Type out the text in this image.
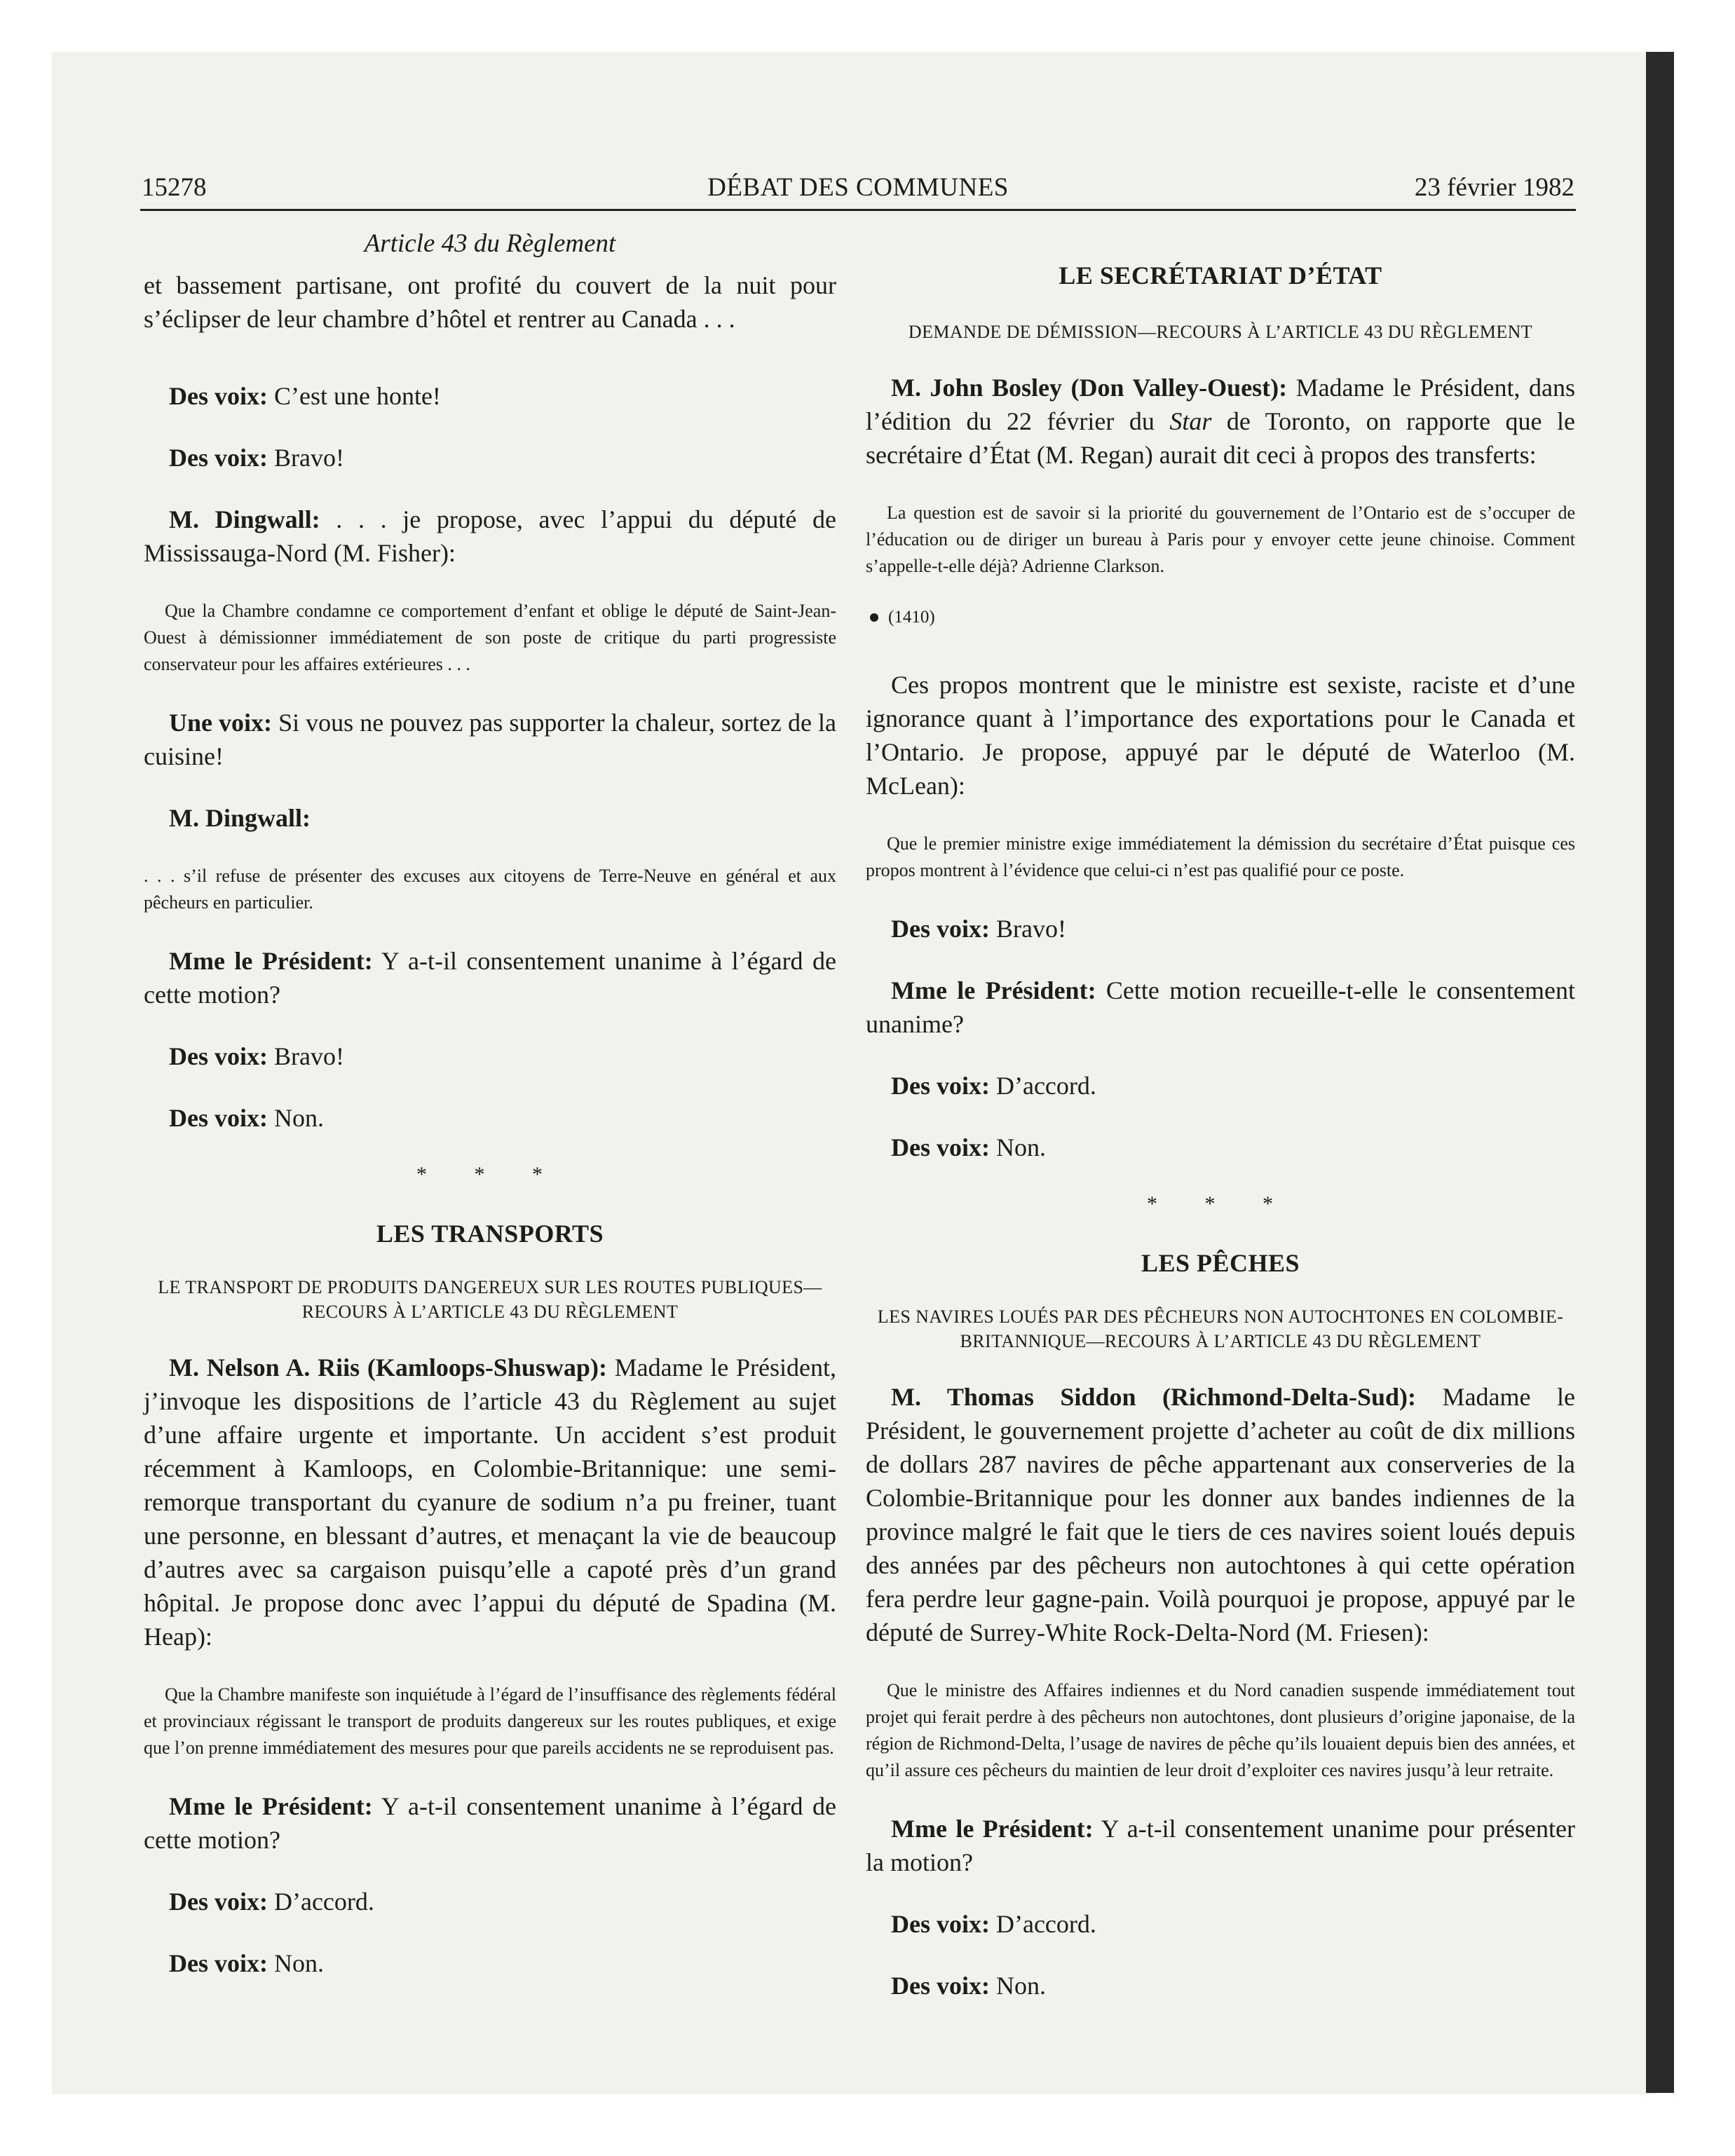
15278	DÉBAT DES COMMUNES	23 février 1982

Article 43 du Règlement

et bassement partisane, ont profité du couvert de la nuit pour s’éclipser de leur chambre d’hôtel et rentrer au Canada . . .

Des voix: C’est une honte!

Des voix: Bravo!

M. Dingwall: . . . je propose, avec l’appui du député de Mississauga-Nord (M. Fisher):

Que la Chambre condamne ce comportement d’enfant et oblige le député de Saint-Jean-Ouest à démissionner immédiatement de son poste de critique du parti progressiste conservateur pour les affaires extérieures . . .

Une voix: Si vous ne pouvez pas supporter la chaleur, sortez de la cuisine!

M. Dingwall:

. . . s’il refuse de présenter des excuses aux citoyens de Terre-Neuve en général et aux pêcheurs en particulier.

Mme le Président: Y a-t-il consentement unanime à l’égard de cette motion?

Des voix: Bravo!

Des voix: Non.

* * *

LES TRANSPORTS

LE TRANSPORT DE PRODUITS DANGEREUX SUR LES ROUTES PUBLIQUES—RECOURS À L’ARTICLE 43 DU RÈGLEMENT

M. Nelson A. Riis (Kamloops-Shuswap): Madame le Président, j’invoque les dispositions de l’article 43 du Règlement au sujet d’une affaire urgente et importante. Un accident s’est produit récemment à Kamloops, en Colombie-Britannique: une semi-remorque transportant du cyanure de sodium n’a pu freiner, tuant une personne, en blessant d’autres, et menaçant la vie de beaucoup d’autres avec sa cargaison puisqu’elle a capoté près d’un grand hôpital. Je propose donc avec l’appui du député de Spadina (M. Heap):

Que la Chambre manifeste son inquiétude à l’égard de l’insuffisance des règlements fédéral et provinciaux régissant le transport de produits dangereux sur les routes publiques, et exige que l’on prenne immédiatement des mesures pour que pareils accidents ne se reproduisent pas.

Mme le Président: Y a-t-il consentement unanime à l’égard de cette motion?

Des voix: D’accord.

Des voix: Non.

LE SECRÉTARIAT D’ÉTAT

DEMANDE DE DÉMISSION—RECOURS À L’ARTICLE 43 DU RÈGLEMENT

M. John Bosley (Don Valley-Ouest): Madame le Président, dans l’édition du 22 février du Star de Toronto, on rapporte que le secrétaire d’État (M. Regan) aurait dit ceci à propos des transferts:

La question est de savoir si la priorité du gouvernement de l’Ontario est de s’occuper de l’éducation ou de diriger un bureau à Paris pour y envoyer cette jeune chinoise. Comment s’appelle-t-elle déjà? Adrienne Clarkson.

(1410)

Ces propos montrent que le ministre est sexiste, raciste et d’une ignorance quant à l’importance des exportations pour le Canada et l’Ontario. Je propose, appuyé par le député de Waterloo (M. McLean):

Que le premier ministre exige immédiatement la démission du secrétaire d’État puisque ces propos montrent à l’évidence que celui-ci n’est pas qualifié pour ce poste.

Des voix: Bravo!

Mme le Président: Cette motion recueille-t-elle le consentement unanime?

Des voix: D’accord.

Des voix: Non.

* * *

LES PÊCHES

LES NAVIRES LOUÉS PAR DES PÊCHEURS NON AUTOCHTONES EN COLOMBIE-BRITANNIQUE—RECOURS À L’ARTICLE 43 DU RÈGLEMENT

M. Thomas Siddon (Richmond-Delta-Sud): Madame le Président, le gouvernement projette d’acheter au coût de dix millions de dollars 287 navires de pêche appartenant aux conserveries de la Colombie-Britannique pour les donner aux bandes indiennes de la province malgré le fait que le tiers de ces navires soient loués depuis des années par des pêcheurs non autochtones à qui cette opération fera perdre leur gagne-pain. Voilà pourquoi je propose, appuyé par le député de Surrey-White Rock-Delta-Nord (M. Friesen):

Que le ministre des Affaires indiennes et du Nord canadien suspende immédiatement tout projet qui ferait perdre à des pêcheurs non autochtones, dont plusieurs d’origine japonaise, de la région de Richmond-Delta, l’usage de navires de pêche qu’ils louaient depuis bien des années, et qu’il assure ces pêcheurs du maintien de leur droit d’exploiter ces navires jusqu’à leur retraite.

Mme le Président: Y a-t-il consentement unanime pour présenter la motion?

Des voix: D’accord.

Des voix: Non.
